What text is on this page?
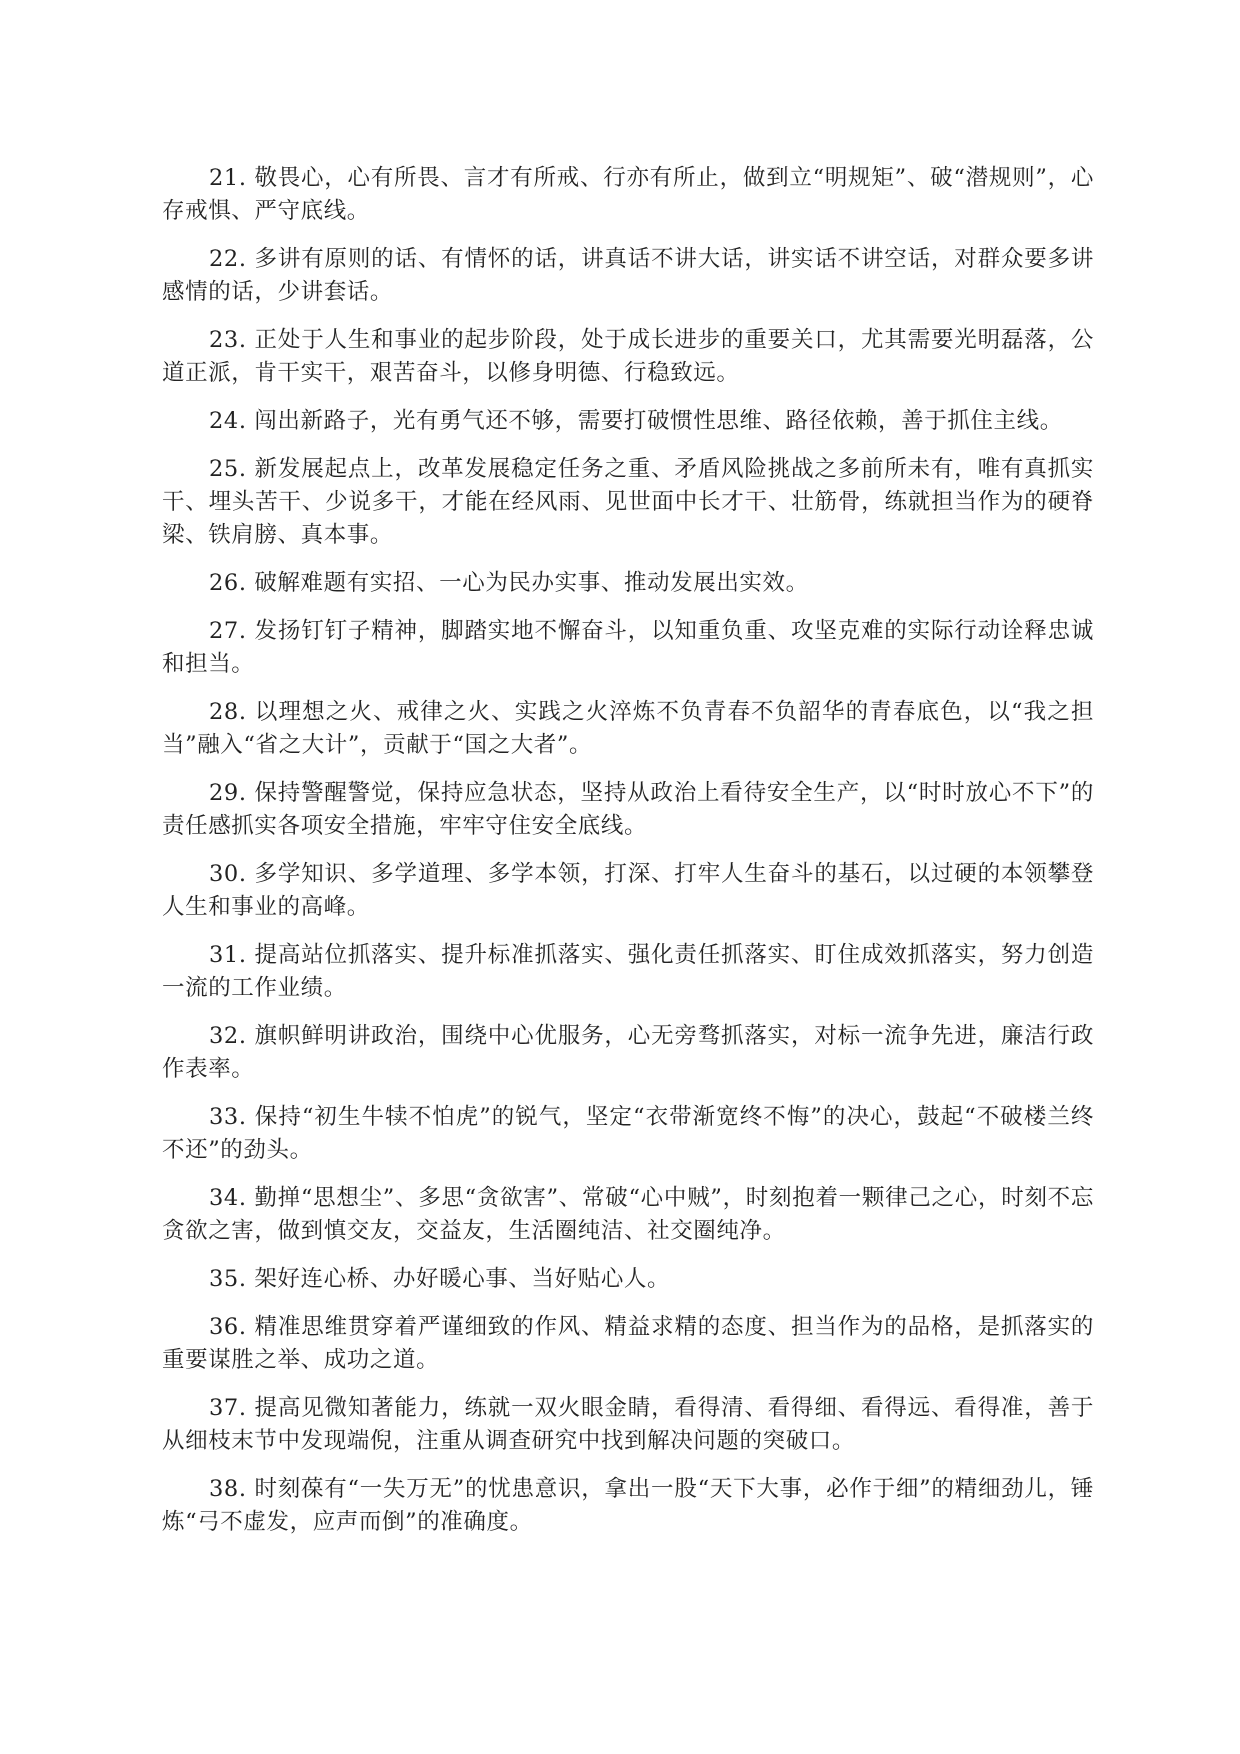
21. 敬畏心，心有所畏、言才有所戒、行亦有所止，做到立“明规矩”、破“潜规则”，心存戒惧、严守底线。

22. 多讲有原则的话、有情怀的话，讲真话不讲大话，讲实话不讲空话，对群众要多讲感情的话，少讲套话。

23. 正处于人生和事业的起步阶段，处于成长进步的重要关口，尤其需要光明磊落，公道正派，肯干实干，艰苦奋斗，以修身明德、行稳致远。

24. 闯出新路子，光有勇气还不够，需要打破惯性思维、路径依赖，善于抓住主线。

25. 新发展起点上，改革发展稳定任务之重、矛盾风险挑战之多前所未有，唯有真抓实干、埋头苦干、少说多干，才能在经风雨、见世面中长才干、壮筋骨，练就担当作为的硬脊梁、铁肩膀、真本事。

26. 破解难题有实招、一心为民办实事、推动发展出实效。

27. 发扬钉钉子精神，脚踏实地不懈奋斗，以知重负重、攻坚克难的实际行动诠释忠诚和担当。

28. 以理想之火、戒律之火、实践之火淬炼不负青春不负韶华的青春底色，以“我之担当”融入“省之大计”，贡献于“国之大者”。

29. 保持警醒警觉，保持应急状态，坚持从政治上看待安全生产，以“时时放心不下”的责任感抓实各项安全措施，牢牢守住安全底线。

30. 多学知识、多学道理、多学本领，打深、打牢人生奋斗的基石，以过硬的本领攀登人生和事业的高峰。

31. 提高站位抓落实、提升标准抓落实、强化责任抓落实、盯住成效抓落实，努力创造一流的工作业绩。

32. 旗帜鲜明讲政治，围绕中心优服务，心无旁骛抓落实，对标一流争先进，廉洁行政作表率。

33. 保持“初生牛犊不怕虎”的锐气，坚定“衣带渐宽终不悔”的决心，鼓起“不破楼兰终不还”的劲头。

34. 勤掸“思想尘”、多思“贪欲害”、常破“心中贼”，时刻抱着一颗律己之心，时刻不忘贪欲之害，做到慎交友，交益友，生活圈纯洁、社交圈纯净。

35. 架好连心桥、办好暖心事、当好贴心人。

36. 精准思维贯穿着严谨细致的作风、精益求精的态度、担当作为的品格，是抓落实的重要谋胜之举、成功之道。

37. 提高见微知著能力，练就一双火眼金睛，看得清、看得细、看得远、看得准，善于从细枝末节中发现端倪，注重从调查研究中找到解决问题的突破口。

38. 时刻葆有“一失万无”的忧患意识，拿出一股“天下大事，必作于细”的精细劲儿，锤炼“弓不虚发，应声而倒”的准确度。
